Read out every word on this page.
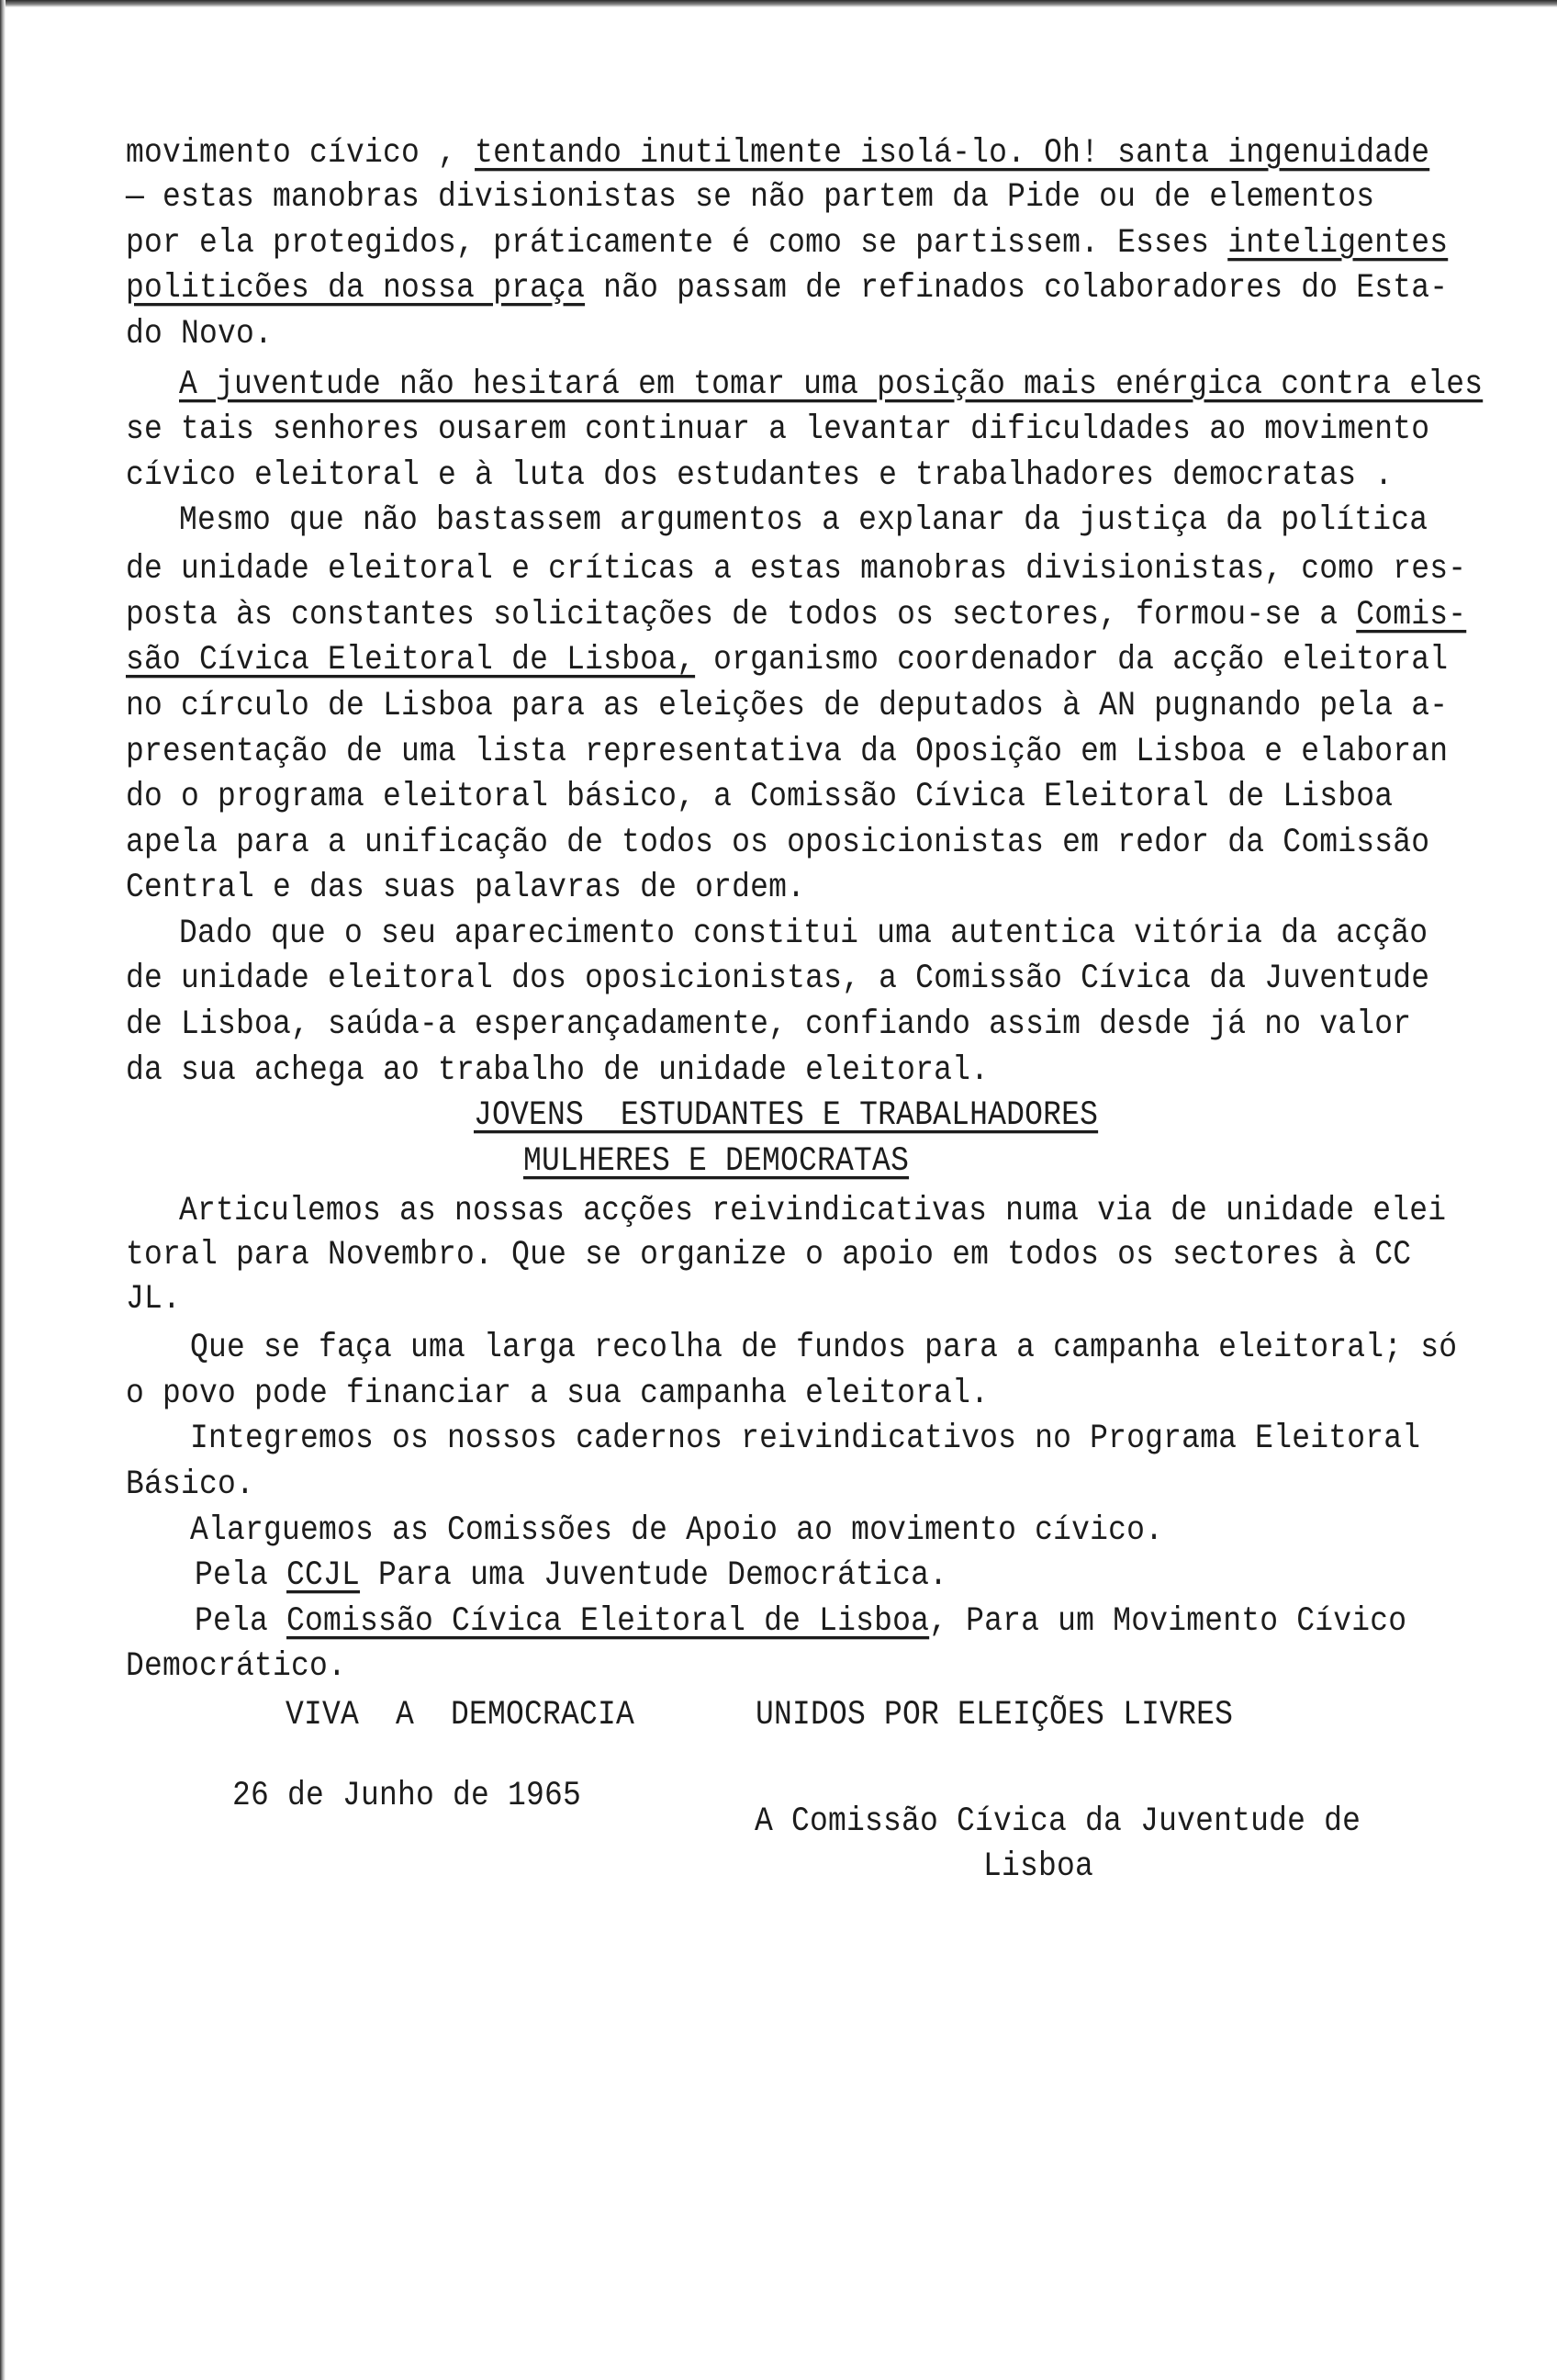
movimento cívico , tentando inutilmente isolá-lo. Oh! santa ingenuidade
— estas manobras divisionistas se não partem da Pide ou de elementos
por ela protegidos, práticamente é como se partissem. Esses inteligentes
politicões da nossa praça não passam de refinados colaboradores do Esta-
do Novo.
A juventude não hesitará em tomar uma posição mais enérgica contra eles
se tais senhores ousarem continuar a levantar dificuldades ao movimento
cívico eleitoral e à luta dos estudantes e trabalhadores democratas .
Mesmo que não bastassem argumentos a explanar da justiça da política
de unidade eleitoral e críticas a estas manobras divisionistas, como res-
posta às constantes solicitações de todos os sectores, formou-se a Comis-
são Cívica Eleitoral de Lisboa, organismo coordenador da acção eleitoral
no círculo de Lisboa para as eleições de deputados à AN pugnando pela a-
presentação de uma lista representativa da Oposição em Lisboa e elaboran
do o programa eleitoral básico, a Comissão Cívica Eleitoral de Lisboa
apela para a unificação de todos os oposicionistas em redor da Comissão
Central e das suas palavras de ordem.
Dado que o seu aparecimento constitui uma autentica vitória da acção
de unidade eleitoral dos oposicionistas, a Comissão Cívica da Juventude
de Lisboa, saúda-a esperançadamente, confiando assim desde já no valor
da sua achega ao trabalho de unidade eleitoral.
JOVENS  ESTUDANTES E TRABALHADORES
MULHERES E DEMOCRATAS
Articulemos as nossas acções reivindicativas numa via de unidade elei
toral para Novembro. Que se organize o apoio em todos os sectores à CC
JL.
Que se faça uma larga recolha de fundos para a campanha eleitoral; só
o povo pode financiar a sua campanha eleitoral.
Integremos os nossos cadernos reivindicativos no Programa Eleitoral
Básico.
Alarguemos as Comissões de Apoio ao movimento cívico.
Pela CCJL Para uma Juventude Democrática.
Pela Comissão Cívica Eleitoral de Lisboa, Para um Movimento Cívico
Democrático.
VIVA  A  DEMOCRACIA	UNIDOS POR ELEIÇÕES LIVRES
26 de Junho de 1965
A Comissão Cívica da Juventude de
Lisboa
